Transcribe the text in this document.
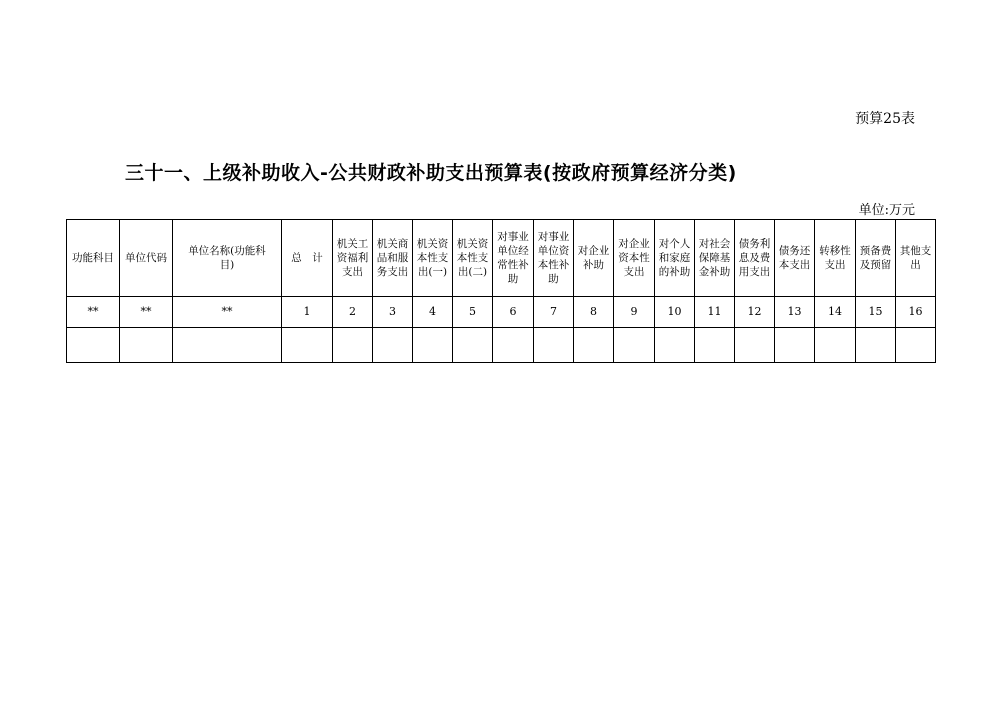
预算25表
三十一、上级补助收入-公共财政补助支出预算表(按政府预算经济分类)
单位:万元
功能科目	单位代码	单位名称(功能科目)	总　计	机关工资福利支出	机关商品和服务支出	机关资本性支出(一)	机关资本性支出(二)	对事业单位经常性补助	对事业单位资本性补助	对企业补助	对企业资本性支出	对个人和家庭的补助	对社会保障基金补助	债务利息及费用支出	债务还本支出	转移性支出	预备费及预留	其他支出
**	**	**	1	2	3	4	5	6	7	8	9	10	11	12	13	14	15	16
